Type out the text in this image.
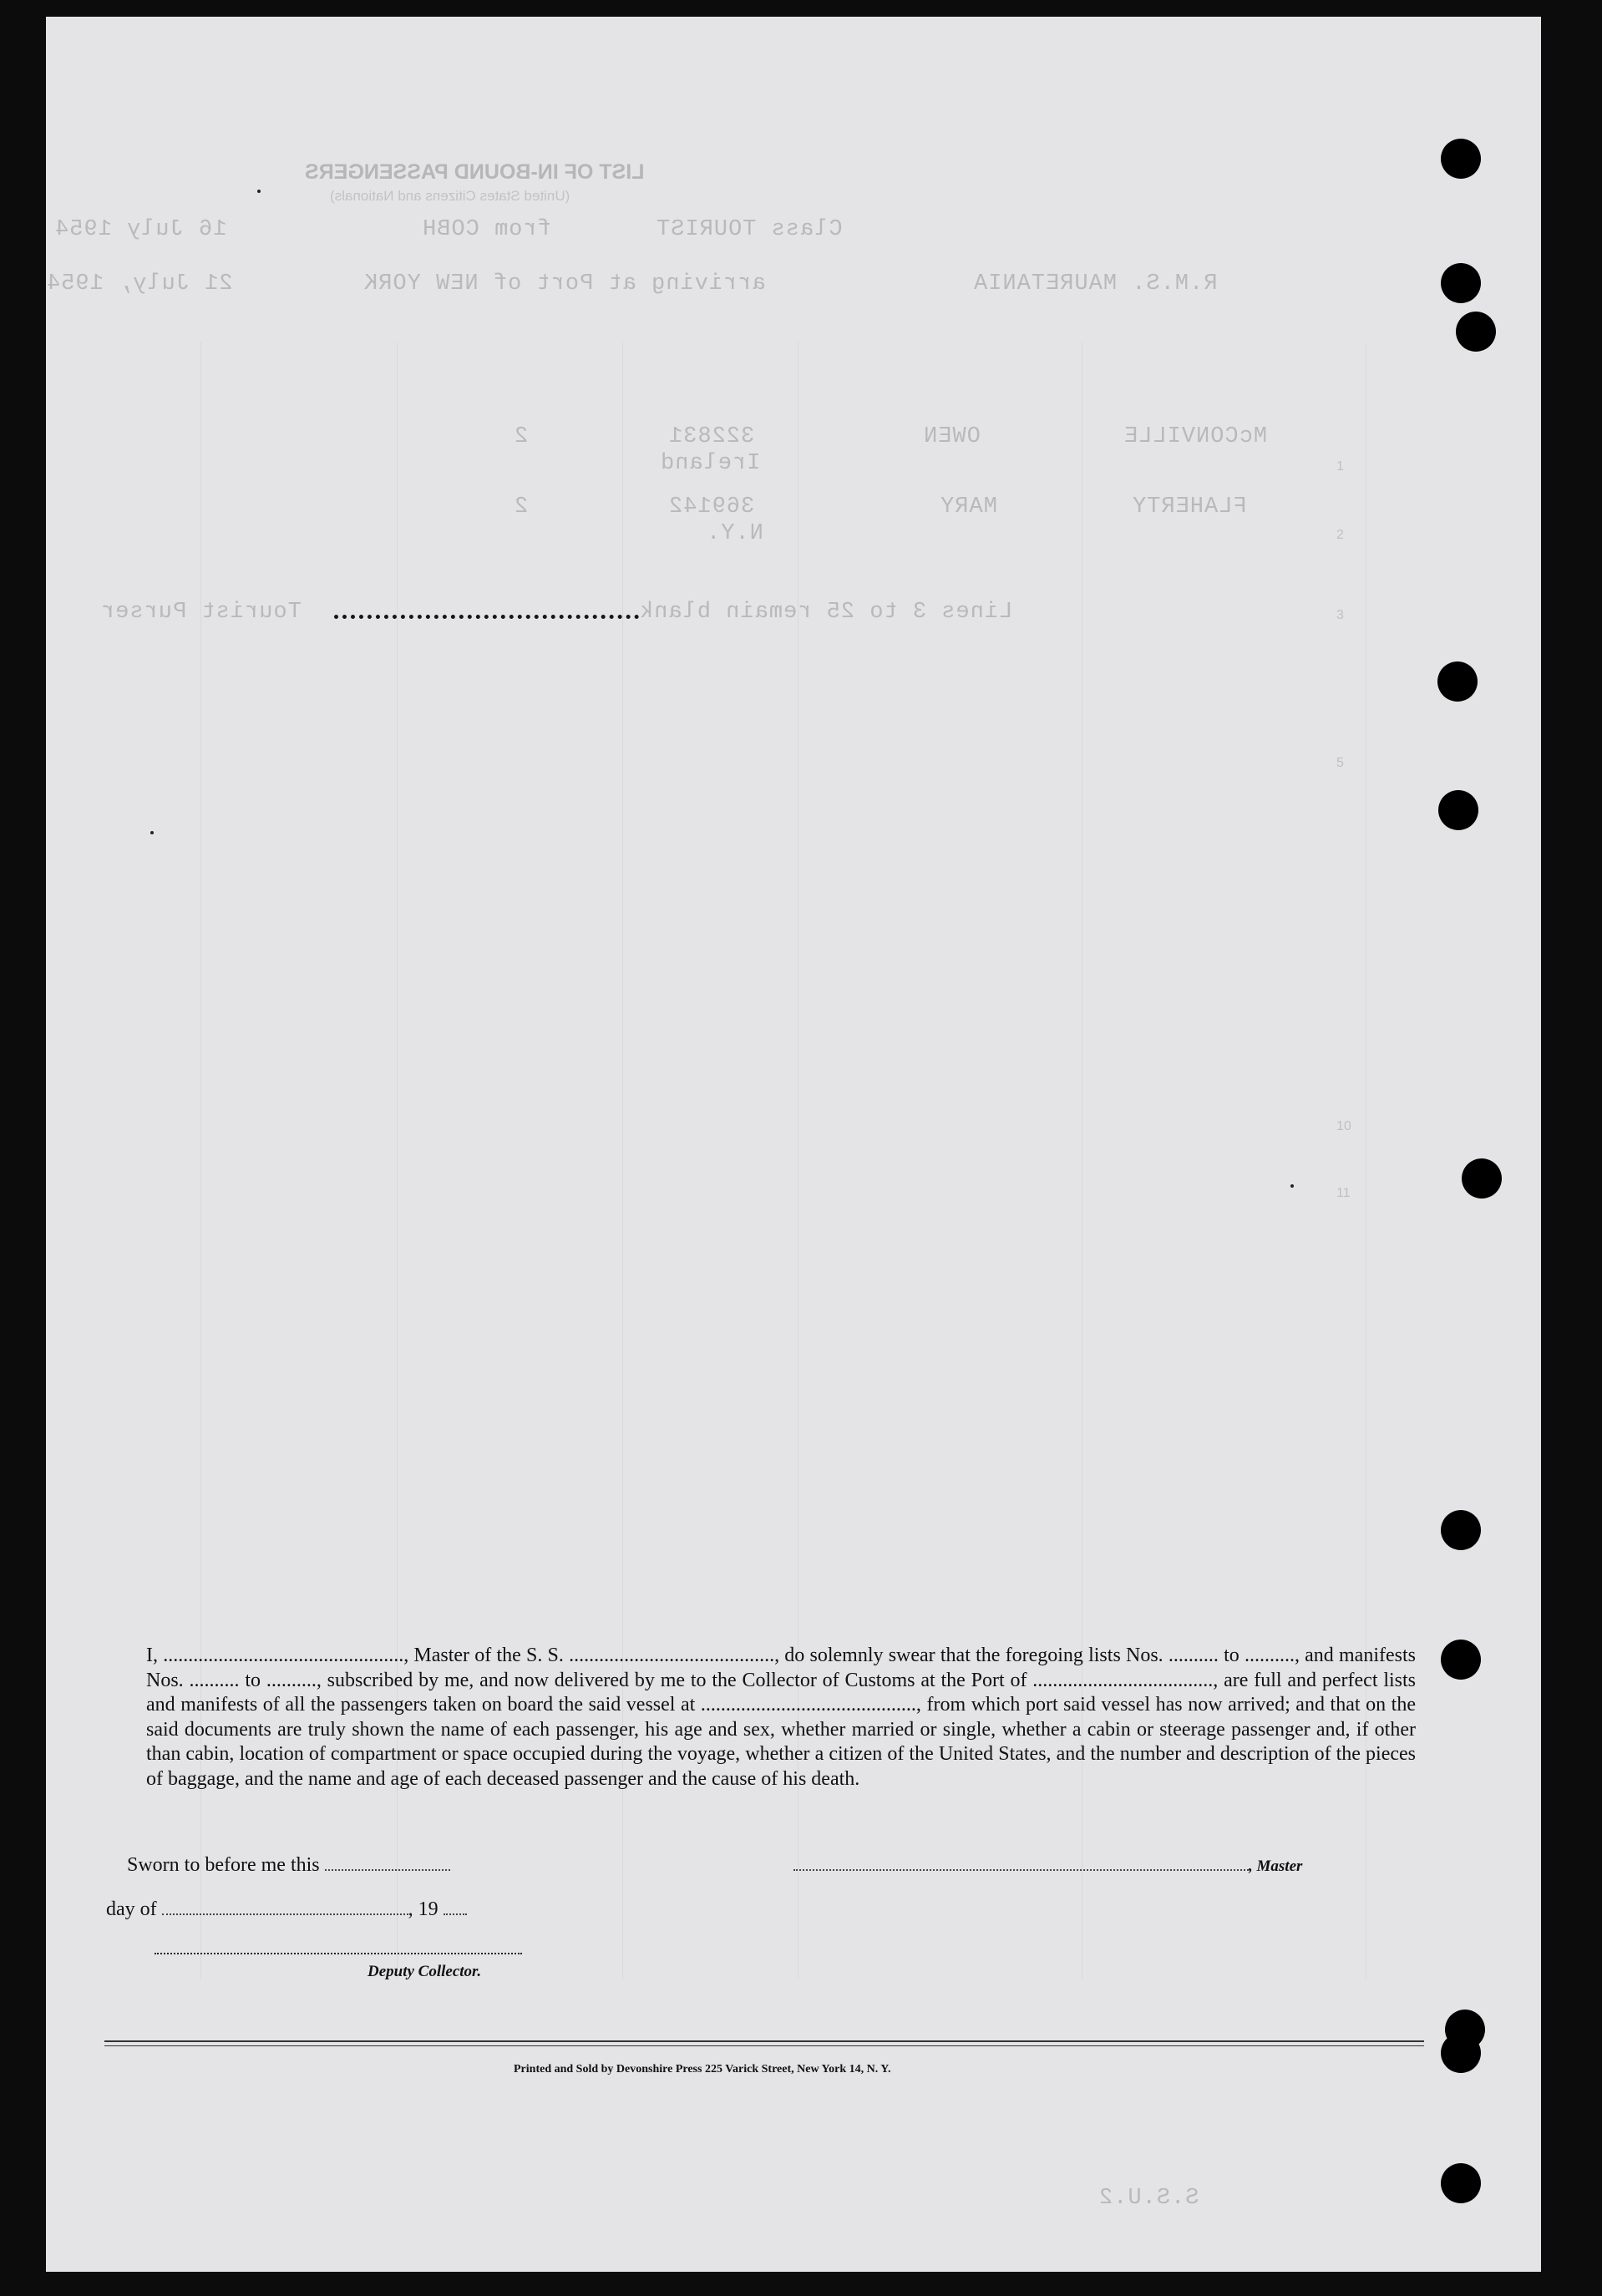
LIST OF IN-BOUND PASSENGERS
(United States Citizens and Nationals)
Class TOURIST
from COBH
16 July 1954
R.M.S. MAURETANIA
arriving at Port of NEW YORK
21 July, 1954
1
2
3
5
10
11
McCONVILLE
OWEN
322831
Ireland
2
FLAHERTY
MARY
369142
N.Y.
2
Lines 3 to 25 remain blank
Tourist Purser

I, ................................................, Master of the S. S. ........................................., do solemnly swear that the foregoing lists Nos. .......... to .........., and manifests Nos. .......... to .........., subscribed by me, and now delivered by me to the Collector of Customs at the Port of ...................................., are full and perfect lists and manifests of all the passengers taken on board the said vessel at ..........................................., from which port said vessel has now arrived; and that on the said documents are truly shown the name of each passenger, his age and sex, whether married or single, whether a cabin or steerage passenger and, if other than cabin, location of compartment or space occupied during the voyage, whether a citizen of the United States, and the number and description of the pieces of baggage, and the name and age of each deceased passenger and the cause of his death.

Sworn to before me this	, Master
day of	, 19
Deputy Collector.
Printed and Sold by Devonshire Press 225 Varick Street, New York 14, N. Y.
S.S.U.2
